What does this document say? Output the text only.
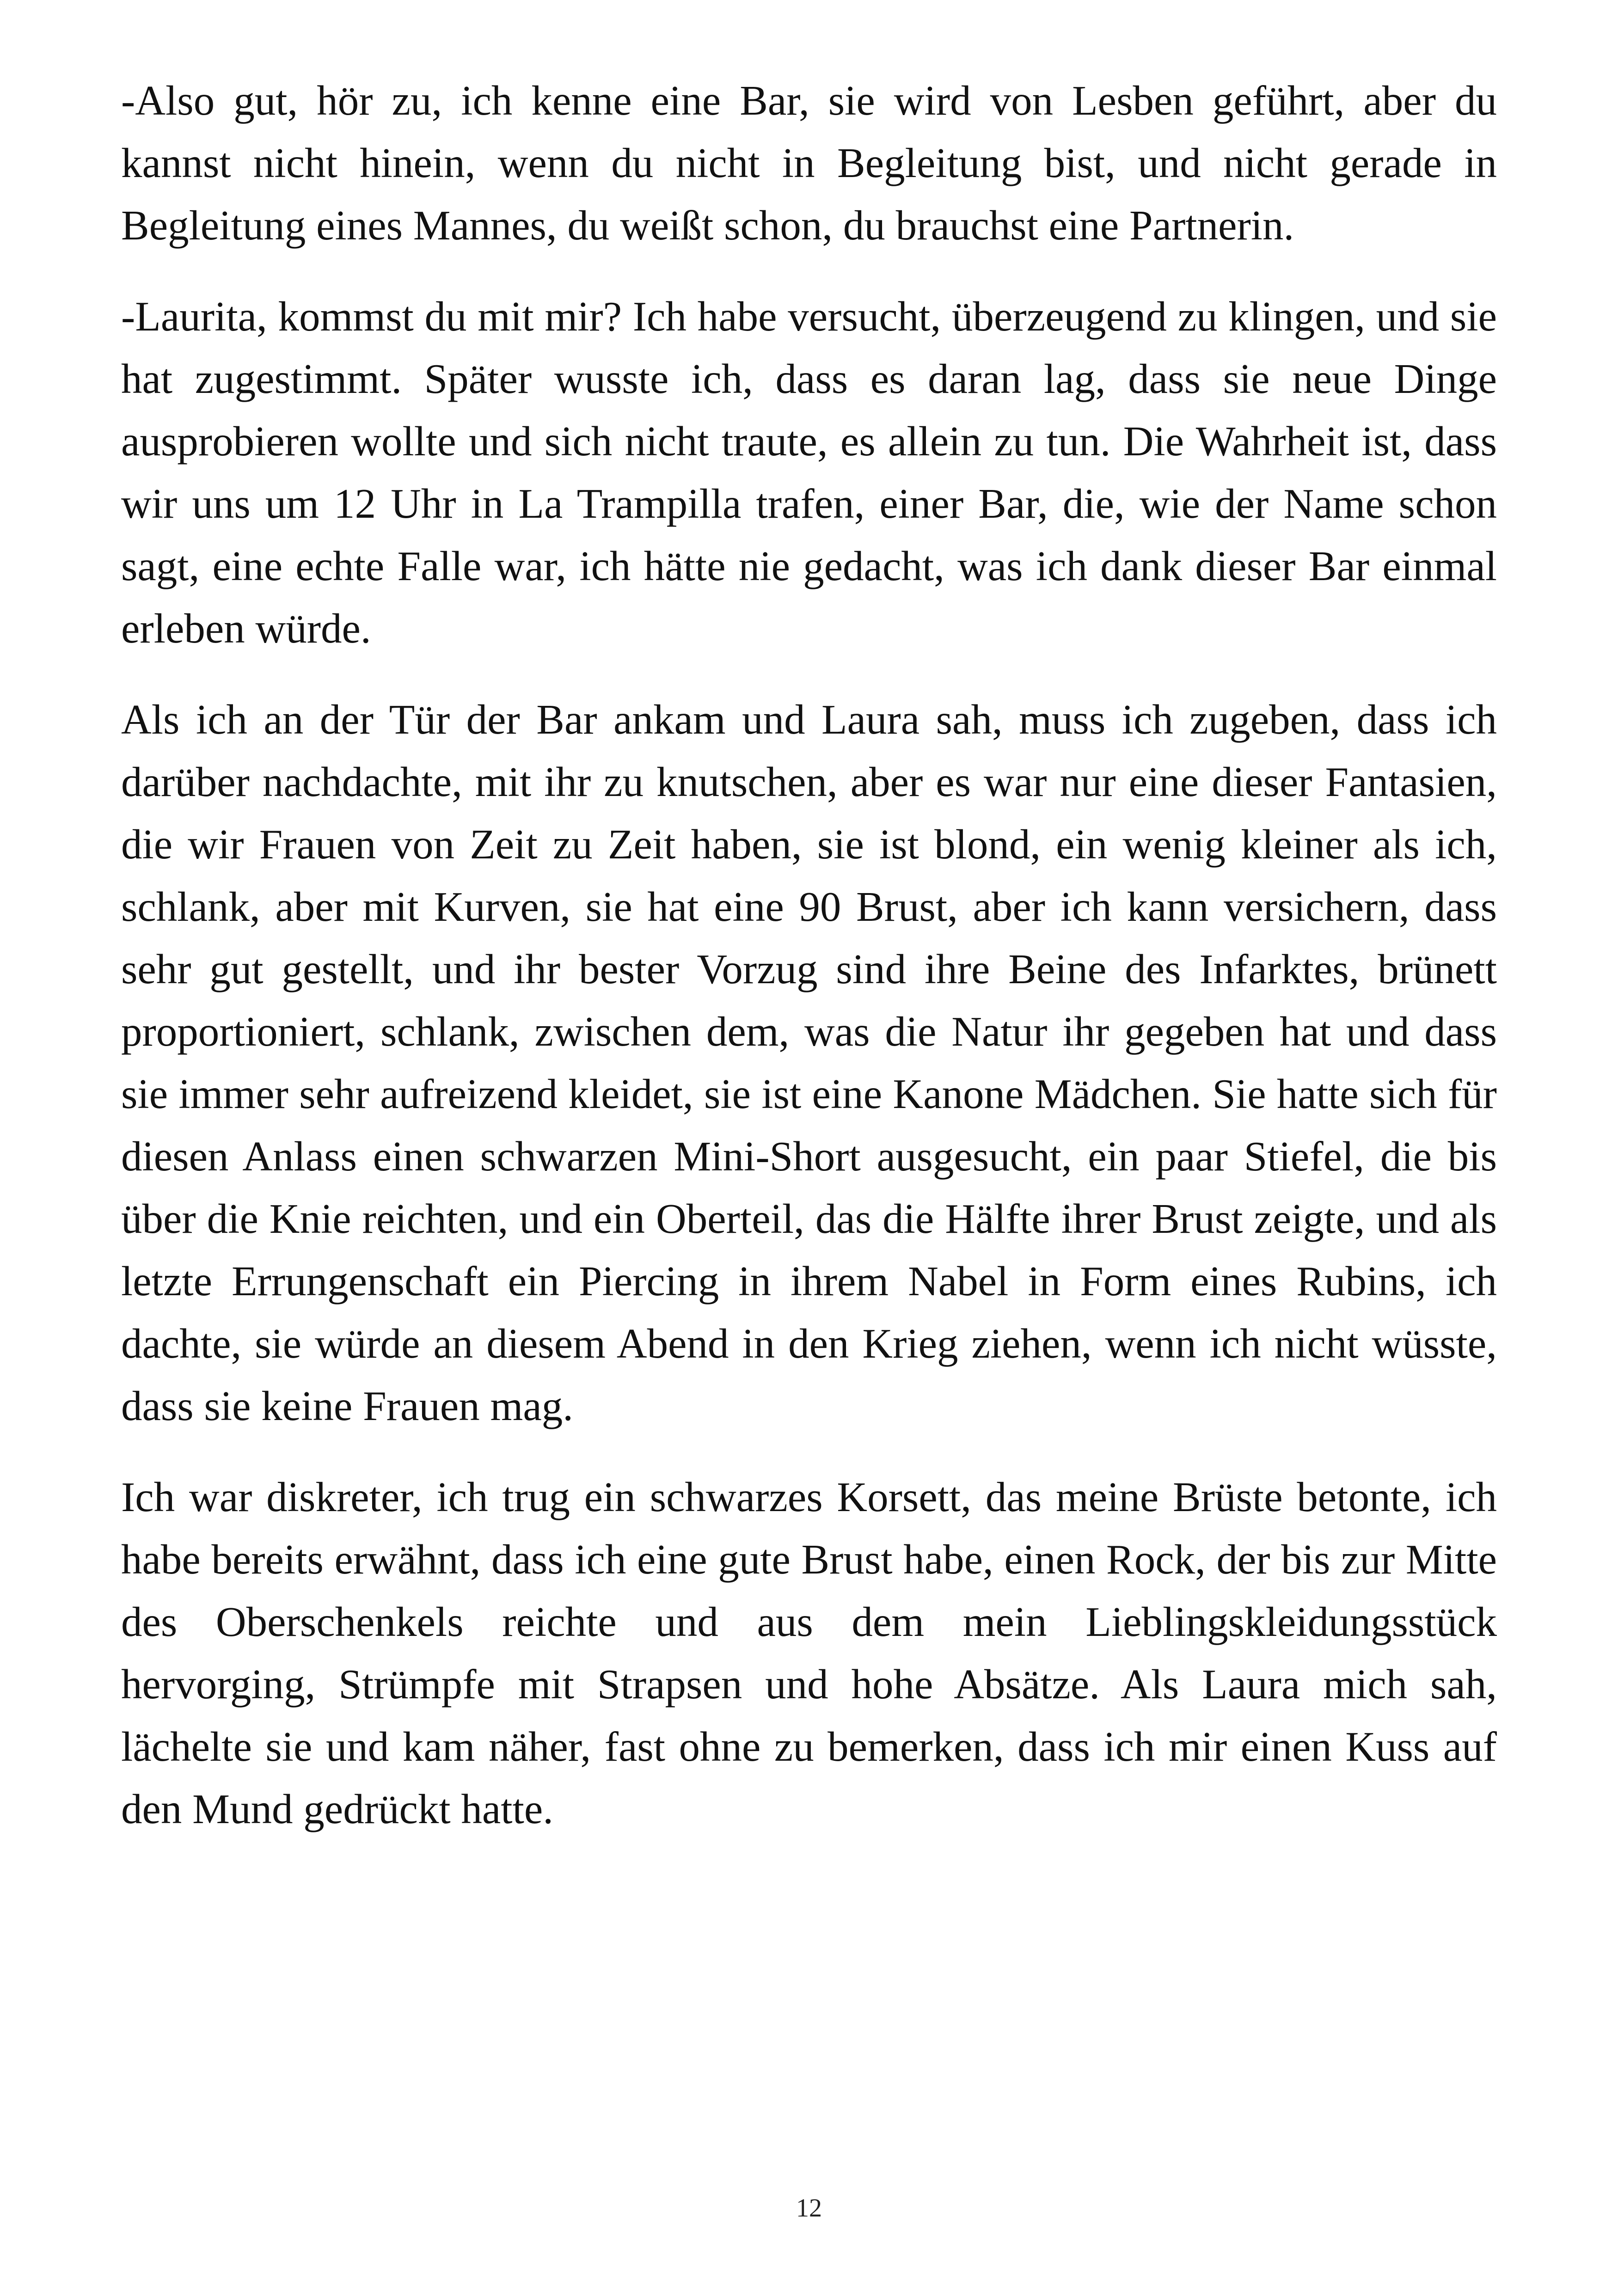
-Also gut, hör zu, ich kenne eine Bar, sie wird von Lesben geführt, aber du kannst nicht hinein, wenn du nicht in Begleitung bist, und nicht gerade in Begleitung eines Mannes, du weißt schon, du brauchst eine Partnerin.

-Laurita, kommst du mit mir? Ich habe versucht, überzeugend zu klingen, und sie hat zugestimmt. Später wusste ich, dass es daran lag, dass sie neue Dinge ausprobieren wollte und sich nicht traute, es allein zu tun. Die Wahrheit ist, dass wir uns um 12 Uhr in La Trampilla trafen, einer Bar, die, wie der Name schon sagt, eine echte Falle war, ich hätte nie gedacht, was ich dank dieser Bar einmal erleben würde.

Als ich an der Tür der Bar ankam und Laura sah, muss ich zugeben, dass ich darüber nachdachte, mit ihr zu knutschen, aber es war nur eine dieser Fantasien, die wir Frauen von Zeit zu Zeit haben, sie ist blond, ein wenig kleiner als ich, schlank, aber mit Kurven, sie hat eine 90 Brust, aber ich kann versichern, dass sehr gut gestellt, und ihr bester Vorzug sind ihre Beine des Infarktes, brünett proportioniert, schlank, zwischen dem, was die Natur ihr gegeben hat und dass sie immer sehr aufreizend kleidet, sie ist eine Kanone Mädchen. Sie hatte sich für diesen Anlass einen schwarzen Mini-Short ausgesucht, ein paar Stiefel, die bis über die Knie reichten, und ein Oberteil, das die Hälfte ihrer Brust zeigte, und als letzte Errungenschaft ein Piercing in ihrem Nabel in Form eines Rubins, ich dachte, sie würde an diesem Abend in den Krieg ziehen, wenn ich nicht wüsste, dass sie keine Frauen mag.

Ich war diskreter, ich trug ein schwarzes Korsett, das meine Brüste betonte, ich habe bereits erwähnt, dass ich eine gute Brust habe, einen Rock, der bis zur Mitte des Oberschenkels reichte und aus dem mein Lieblingskleidungsstück hervorging, Strümpfe mit Strapsen und hohe Absätze. Als Laura mich sah, lächelte sie und kam näher, fast ohne zu bemerken, dass ich mir einen Kuss auf den Mund gedrückt hatte.

12
